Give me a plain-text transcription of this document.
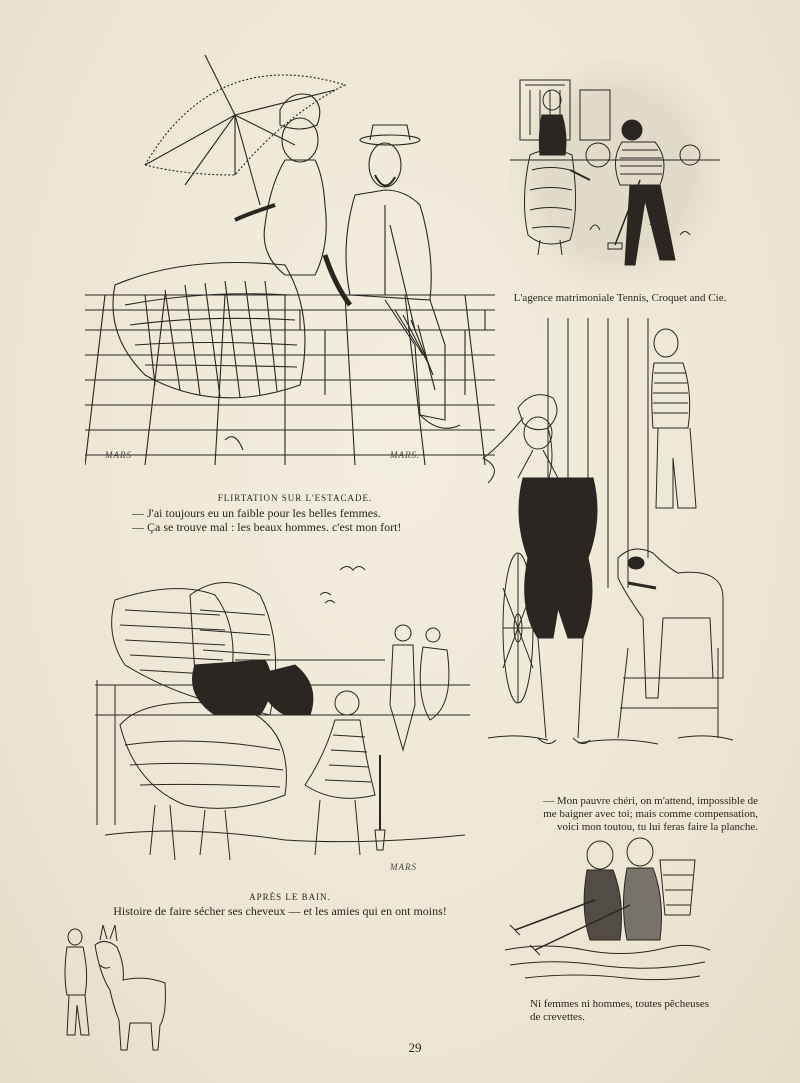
MARS	MARS.
FLIRTATION SUR L'ESTACADE.
— J'ai toujours eu un faible pour les belles femmes.
— Ça se trouve mal : les beaux hommes. c'est mon fort!
L'agence matrimoniale Tennis, Croquet and Cie.
— Mon pauvre chéri, on m'attend, impossible de
me baigner avec toi; mais comme compensation,
voici mon toutou, tu lui feras faire la planche.
MARS
APRÈS LE BAIN.
Histoire de faire sécher ses cheveux — et les amies qui en ont moins!
Ni femmes ni hommes, toutes pêcheuses
de crevettes.
29
